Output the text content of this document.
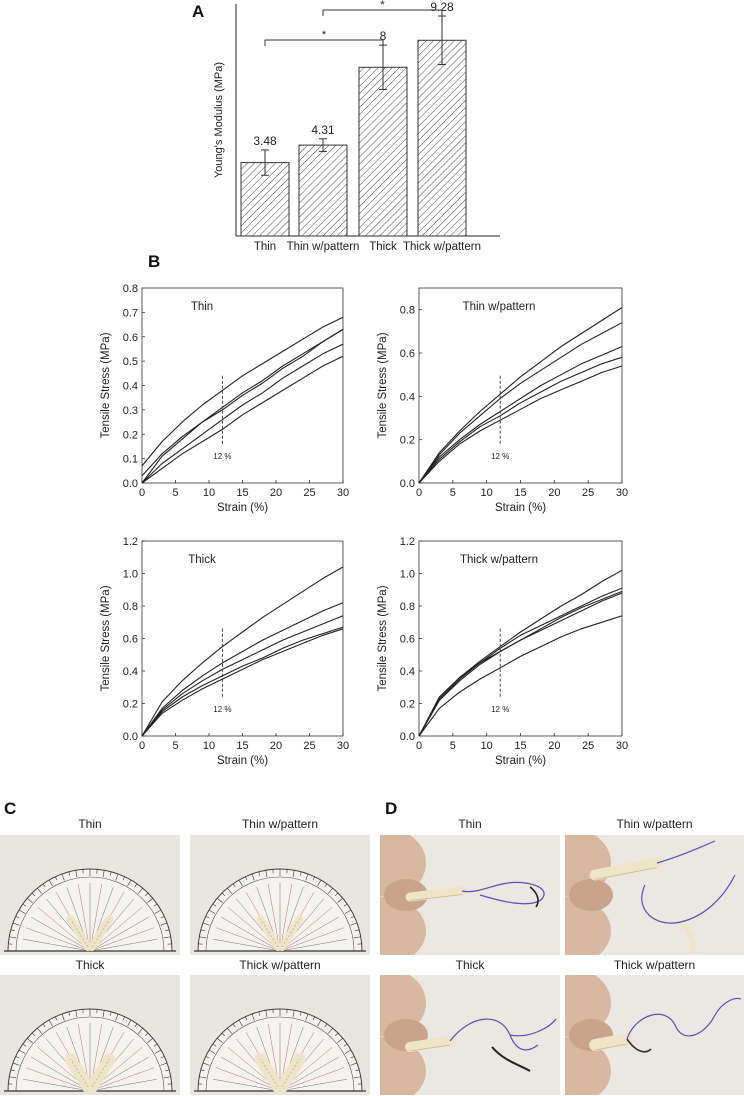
A
B
C	D
Young's Modulus (MPa) 3.48
Thin
4.31
Thin w/pattern
8
Thick
9.28
Thick w/pattern
*
*
0 5 10 15 20 25 30
0.0
0.1
0.2
0.3
0.4
0.5
0.6
0.7
0.8
Strain (%)
Tensile Stress (MPa)
Thin
12 %
0	5 10 15 20 25 30
0.0
0.2
0.4
0.6
0.8
Strain (%)
Tensile Stress (MPa)
Thin w/pattern
12 %
0 5 10 15 20 25 30
0.0
0.2
0.4
0.6
0.8
1.0
1.2
Strain (%)
Tensile Stress (MPa)
Thick
12 %
0	5 10 15 20 25 30
0.0
0.2
0.4
0.6
0.8
1.0
1.2
Strain (%)
Tensile Stress (MPa)
Thick w/pattern
12 %
Thin	Thin w/pattern
Thick	Thick w/pattern
Thin	Thin w/pattern
Thick	Thick w/pattern
